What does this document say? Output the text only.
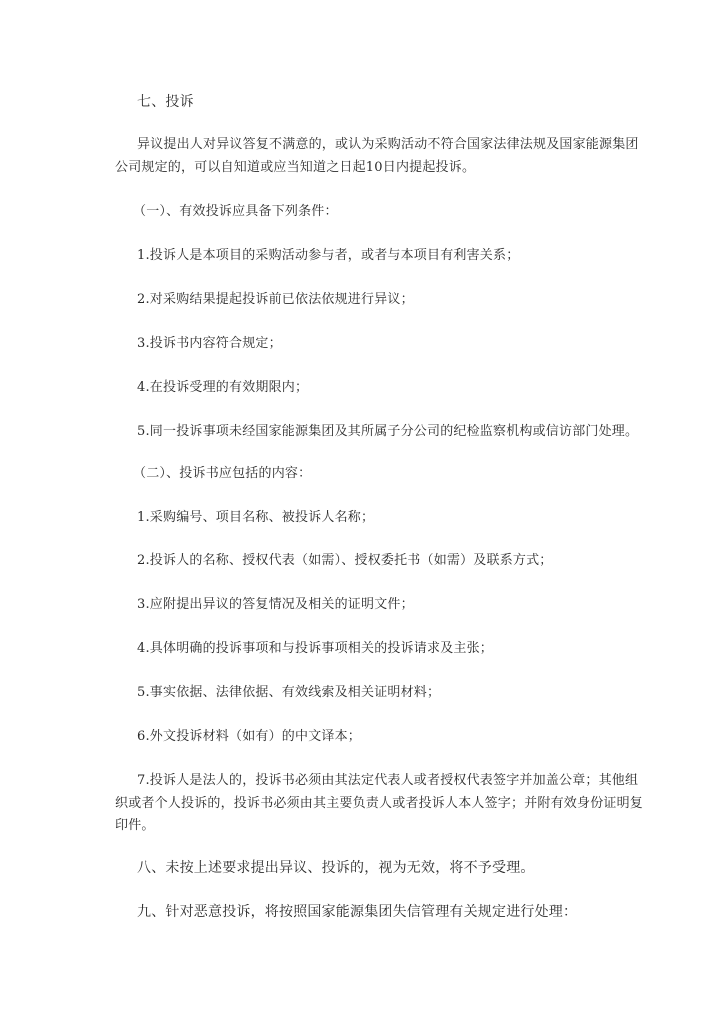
七、投诉
异议提出人对异议答复不满意的，或认为采购活动不符合国家法律法规及国家能源集团
公司规定的，可以自知道或应当知道之日起10日内提起投诉。
（一）、有效投诉应具备下列条件：
1.投诉人是本项目的采购活动参与者，或者与本项目有利害关系；
2.对采购结果提起投诉前已依法依规进行异议；
3.投诉书内容符合规定；
4.在投诉受理的有效期限内；
5.同一投诉事项未经国家能源集团及其所属子分公司的纪检监察机构或信访部门处理。
（二）、投诉书应包括的内容：
1.采购编号、项目名称、被投诉人名称；
2.投诉人的名称、授权代表（如需）、授权委托书（如需）及联系方式；
3.应附提出异议的答复情况及相关的证明文件；
4.具体明确的投诉事项和与投诉事项相关的投诉请求及主张；
5.事实依据、法律依据、有效线索及相关证明材料；
6.外文投诉材料（如有）的中文译本；
7.投诉人是法人的，投诉书必须由其法定代表人或者授权代表签字并加盖公章；其他组
织或者个人投诉的，投诉书必须由其主要负责人或者投诉人本人签字；并附有效身份证明复
印件。
八、未按上述要求提出异议、投诉的，视为无效，将不予受理。
九、针对恶意投诉，将按照国家能源集团失信管理有关规定进行处理：
